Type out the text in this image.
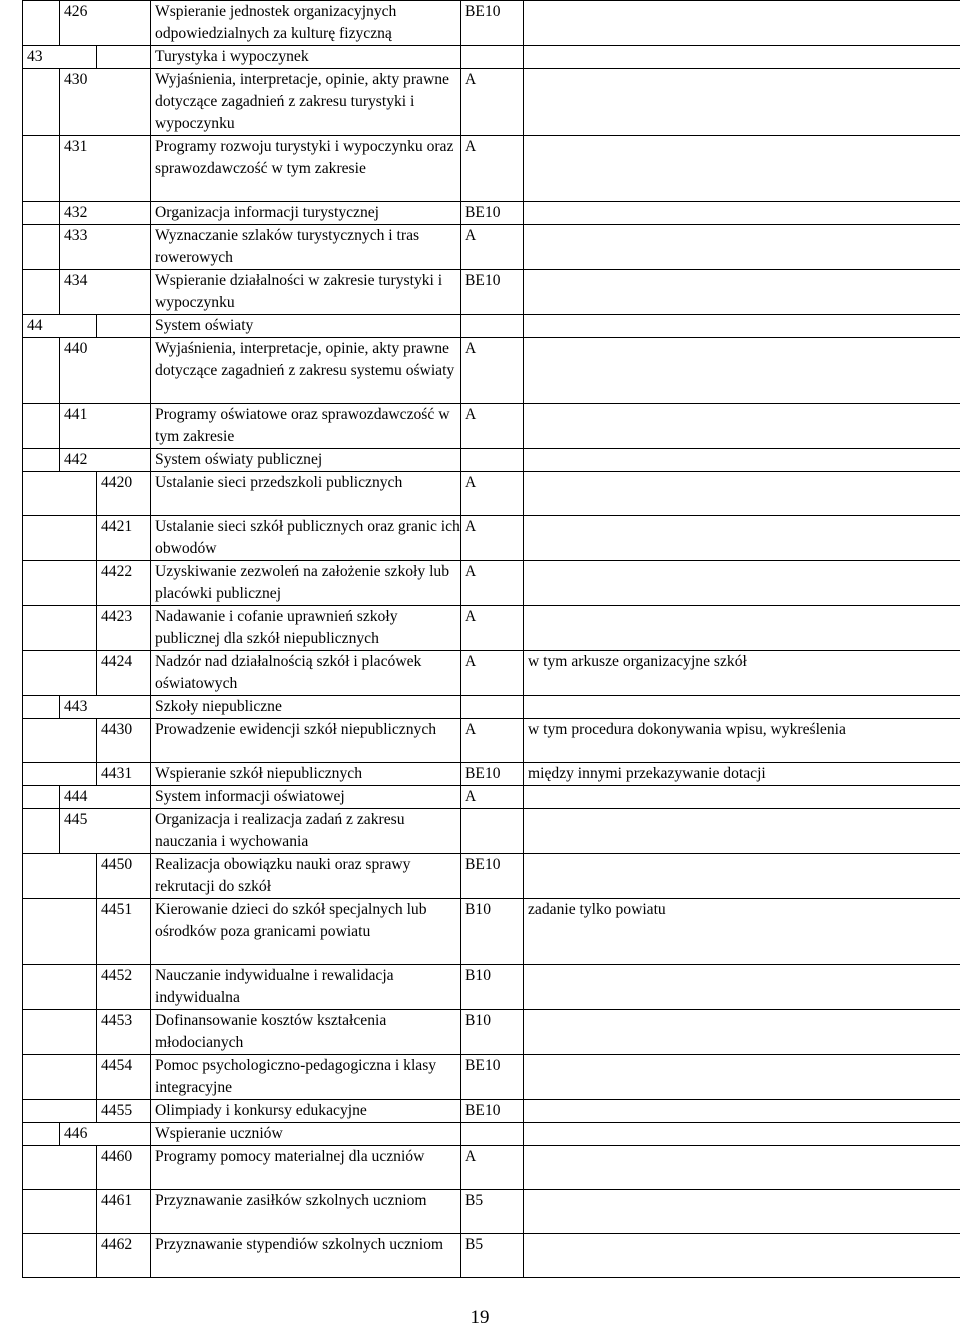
	426		Wspieranie jednostek organizacyjnych odpowiedzialnych za kulturę fizyczną	BE10	
43			Turystyka i wypoczynek		
	430		Wyjaśnienia, interpretacje, opinie, akty prawne dotyczące zagadnień z zakresu turystyki i wypoczynku	A	
	431		Programy rozwoju turystyki i wypoczynku oraz sprawozdawczość w tym zakresie	A	
	432		Organizacja informacji turystycznej	BE10	
	433		Wyznaczanie szlaków turystycznych i tras rowerowych	A	
	434		Wspieranie działalności w zakresie turystyki i wypoczynku	BE10	
44			System oświaty		
	440		Wyjaśnienia, interpretacje, opinie, akty prawne dotyczące zagadnień z zakresu systemu oświaty	A	
	441		Programy oświatowe oraz sprawozdawczość w tym zakresie	A	
	442		System oświaty publicznej		
		4420	Ustalanie sieci przedszkoli publicznych	A	
		4421	Ustalanie sieci szkół publicznych oraz granic ich obwodów	A	
		4422	Uzyskiwanie zezwoleń na założenie szkoły lub placówki publicznej	A	
		4423	Nadawanie i cofanie uprawnień szkoły publicznej dla szkół niepublicznych	A	
		4424	Nadzór nad działalnością szkół i placówek oświatowych	A	w tym arkusze organizacyjne szkół
	443		Szkoły niepubliczne		
		4430	Prowadzenie ewidencji szkół niepublicznych	A	w tym procedura dokonywania wpisu, wykreślenia
		4431	Wspieranie szkół niepublicznych	BE10	między innymi przekazywanie dotacji
	444		System informacji oświatowej	A	
	445		Organizacja i realizacja zadań z zakresu nauczania i wychowania		
		4450	Realizacja obowiązku nauki oraz sprawy rekrutacji do szkół	BE10	
		4451	Kierowanie dzieci do szkół specjalnych lub ośrodków poza granicami powiatu	B10	zadanie tylko powiatu
		4452	Nauczanie indywidualne i rewalidacja indywidualna	B10	
		4453	Dofinansowanie kosztów kształcenia młodocianych	B10	
		4454	Pomoc psychologiczno-pedagogiczna i klasy integracyjne	BE10	
		4455	Olimpiady i konkursy edukacyjne	BE10	
	446		Wspieranie uczniów		
		4460	Programy pomocy materialnej dla uczniów	A	
		4461	Przyznawanie zasiłków szkolnych uczniom	B5	
		4462	Przyznawanie stypendiów szkolnych uczniom	B5	
19
